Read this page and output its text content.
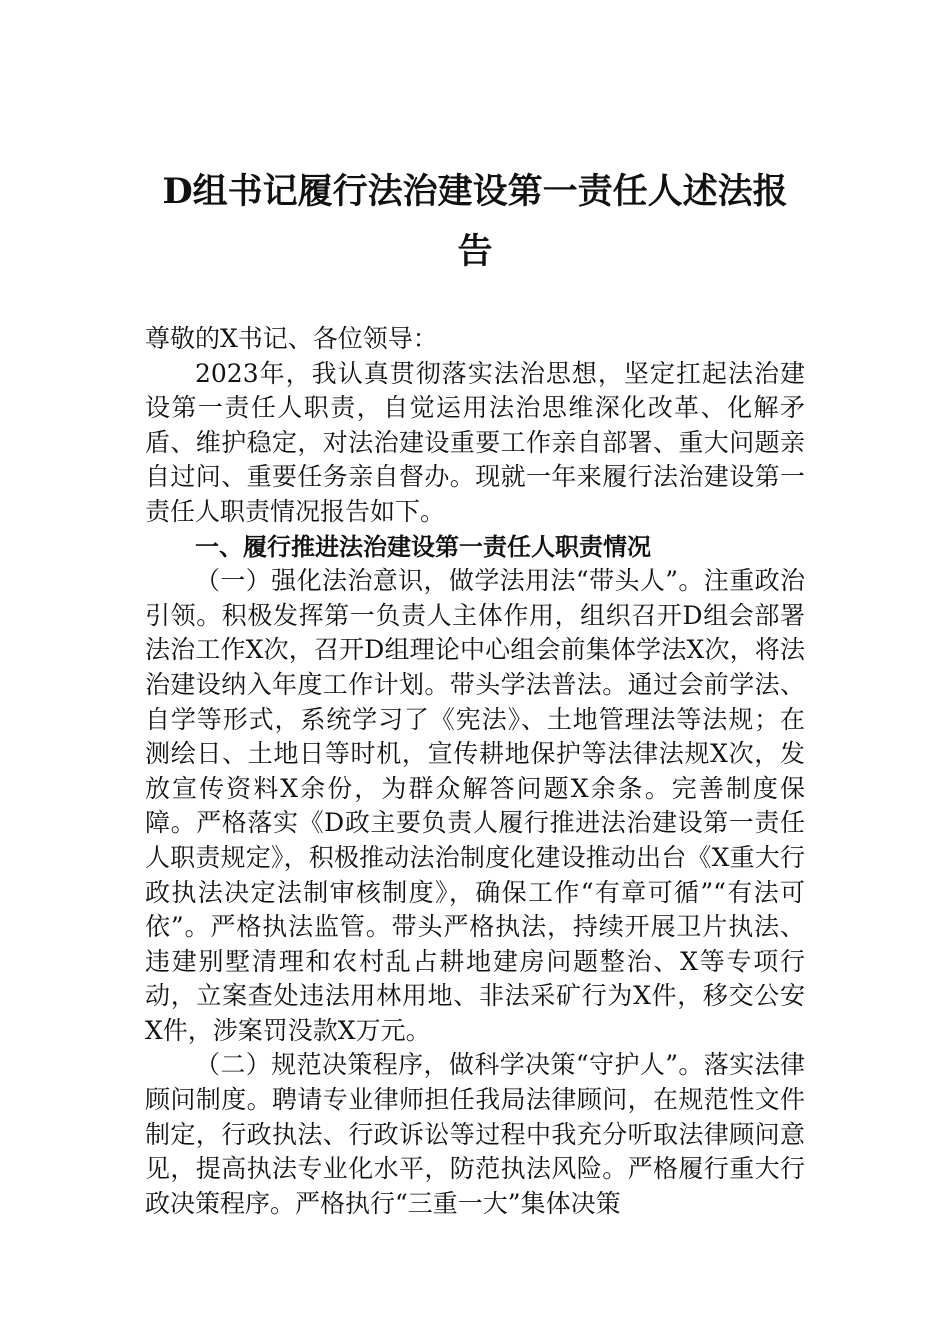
D组书记履行法治建设第一责任人述法报告

尊敬的X书记、各位领导：

2023年，我认真贯彻落实法治思想，坚定扛起法治建设第一责任人职责，自觉运用法治思维深化改革、化解矛盾、维护稳定，对法治建设重要工作亲自部署、重大问题亲自过问、重要任务亲自督办。现就一年来履行法治建设第一责任人职责情况报告如下。

一、履行推进法治建设第一责任人职责情况

（一）强化法治意识，做学法用法“带头人”。注重政治引领。积极发挥第一负责人主体作用，组织召开D组会部署法治工作X次，召开D组理论中心组会前集体学法X次，将法治建设纳入年度工作计划。带头学法普法。通过会前学法、自学等形式，系统学习了《宪法》、土地管理法等法规；在测绘日、土地日等时机，宣传耕地保护等法律法规X次，发放宣传资料X余份，为群众解答问题X余条。完善制度保障。严格落实《D政主要负责人履行推进法治建设第一责任人职责规定》，积极推动法治制度化建设推动出台《X重大行政执法决定法制审核制度》，确保工作“有章可循”“有法可依”。严格执法监管。带头严格执法，持续开展卫片执法、违建别墅清理和农村乱占耕地建房问题整治、X等专项行动，立案查处违法用林用地、非法采矿行为X件，移交公安X件，涉案罚没款X万元。

（二）规范决策程序，做科学决策“守护人”。落实法律顾问制度。聘请专业律师担任我局法律顾问，在规范性文件制定，行政执法、行政诉讼等过程中我充分听取法律顾问意见，提高执法专业化水平，防范执法风险。严格履行重大行政决策程序。严格执行“三重一大”集体决策
